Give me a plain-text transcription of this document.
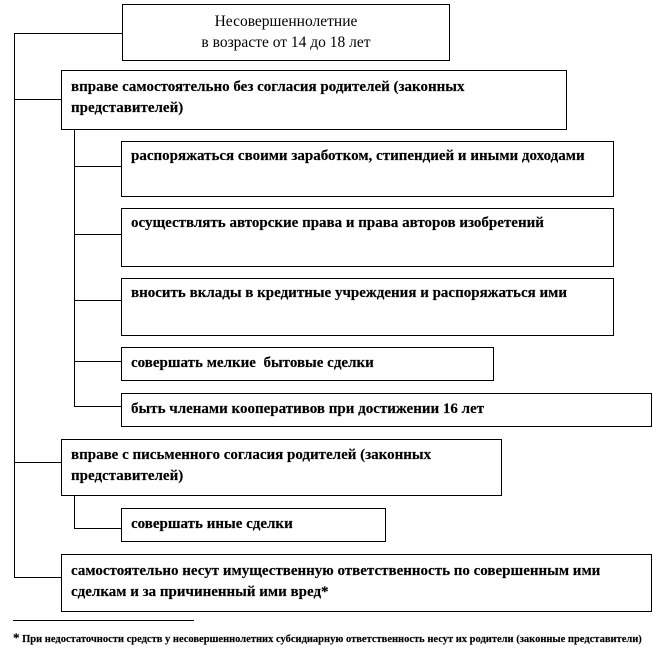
Несовершеннолетние
в возрасте от 14 до 18 лет
вправе самостоятельно без согласия родителей (законных представителей)
распоряжаться своими заработком, стипендией и иными доходами
осуществлять авторские права и права авторов изобретений
вносить вклады в кредитные учреждения и распоряжаться ими
совершать мелкие  бытовые сделки
быть членами кооперативов при достижении 16 лет
вправе с письменного согласия родителей (законных представителей)
совершать иные сделки
самостоятельно несут имущественную ответственность по совершенным ими сделкам и за причиненный ими вред*
* При недостаточности средств у несовершеннолетних субсидиарную ответственность несут их родители (законные представители)
